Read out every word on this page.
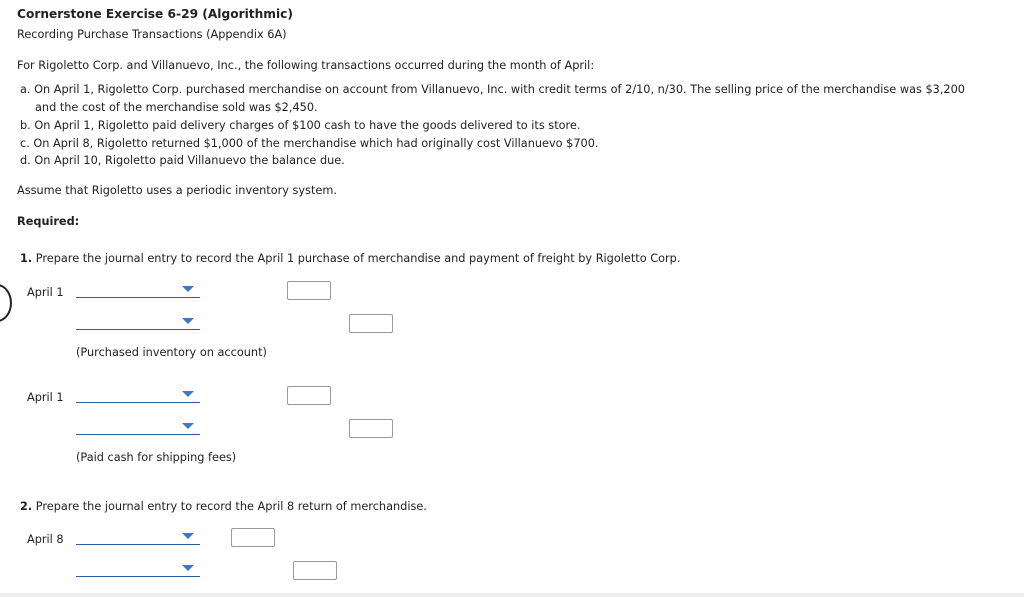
Cornerstone Exercise 6-29 (Algorithmic)
Recording Purchase Transactions (Appendix 6A)
For Rigoletto Corp. and Villanuevo, Inc., the following transactions occurred during the month of April:
a. On April 1, Rigoletto Corp. purchased merchandise on account from Villanuevo, Inc. with credit terms of 2/10, n/30. The selling price of the merchandise was $3,200
and the cost of the merchandise sold was $2,450.
b. On April 1, Rigoletto paid delivery charges of $100 cash to have the goods delivered to its store.
c. On April 8, Rigoletto returned $1,000 of the merchandise which had originally cost Villanuevo $700.
d. On April 10, Rigoletto paid Villanuevo the balance due.
Assume that Rigoletto uses a periodic inventory system.
Required:
1. Prepare the journal entry to record the April 1 purchase of merchandise and payment of freight by Rigoletto Corp.
April 1
(Purchased inventory on account)
April 1
(Paid cash for shipping fees)
2. Prepare the journal entry to record the April 8 return of merchandise.
April 8
